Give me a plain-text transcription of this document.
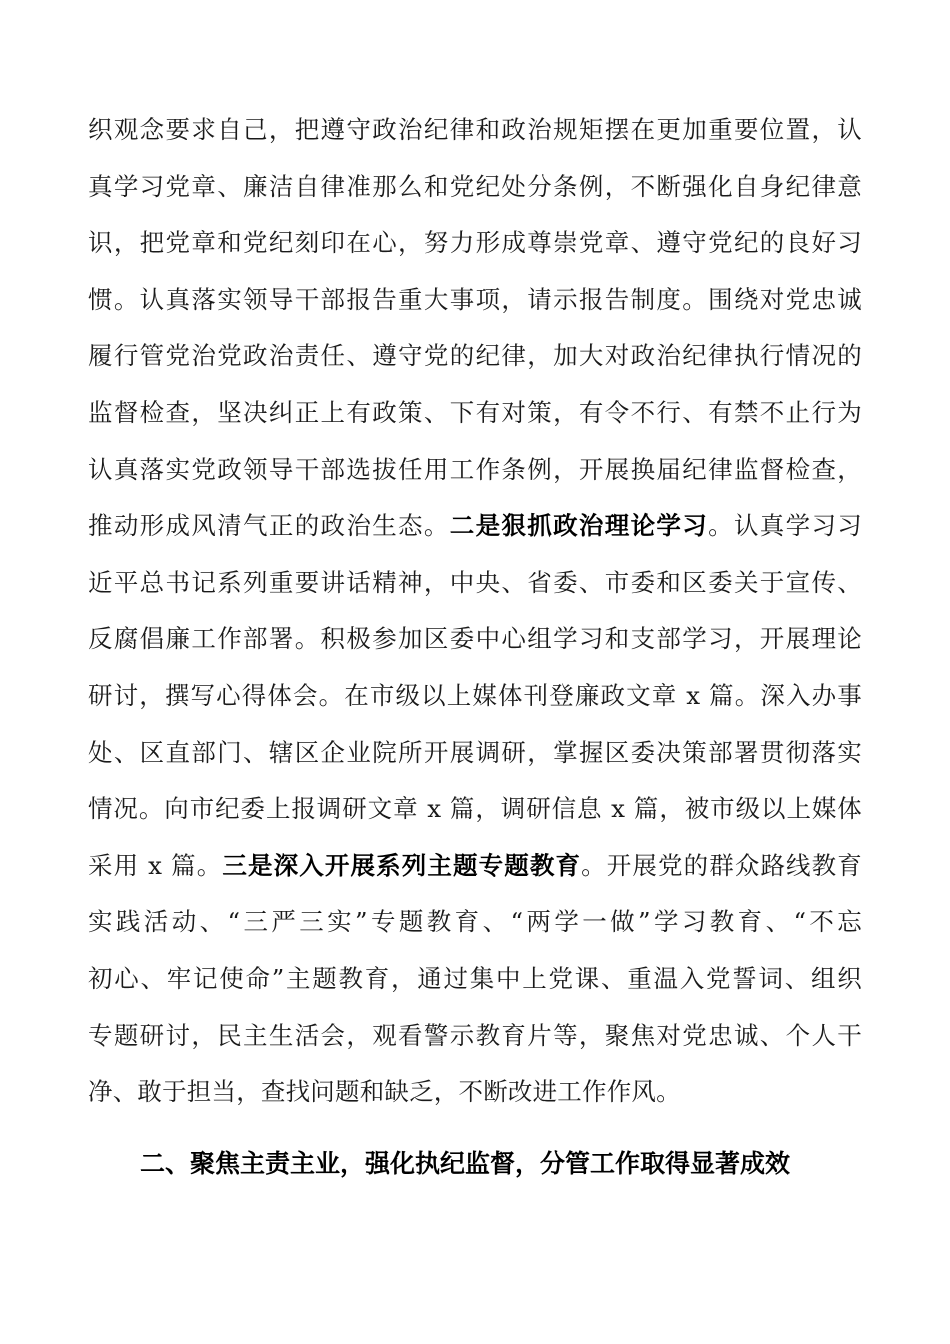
织观念要求自己，把遵守政治纪律和政治规矩摆在更加重要位置，认
真学习党章、廉洁自律准那么和党纪处分条例，不断强化自身纪律意
识，把党章和党纪刻印在心，努力形成尊崇党章、遵守党纪的良好习
惯。认真落实领导干部报告重大事项，请示报告制度。围绕对党忠诚
履行管党治党政治责任、遵守党的纪律，加大对政治纪律执行情况的
监督检查，坚决纠正上有政策、下有对策，有令不行、有禁不止行为
认真落实党政领导干部选拔任用工作条例，开展换届纪律监督检查，
推动形成风清气正的政治生态。二是狠抓政治理论学习。认真学习习
近平总书记系列重要讲话精神，中央、省委、市委和区委关于宣传、
反腐倡廉工作部署。积极参加区委中心组学习和支部学习，开展理论
研讨，撰写心得体会。在市级以上媒体刊登廉政文章 x 篇。深入办事
处、区直部门、辖区企业院所开展调研，掌握区委决策部署贯彻落实
情况。向市纪委上报调研文章 x 篇，调研信息 x 篇，被市级以上媒体
采用 x 篇。三是深入开展系列主题专题教育。开展党的群众路线教育
实践活动、“三严三实”专题教育、“两学一做”学习教育、“不忘
初心、牢记使命”主题教育，通过集中上党课、重温入党誓词、组织
专题研讨，民主生活会，观看警示教育片等，聚焦对党忠诚、个人干
净、敢于担当，查找问题和缺乏，不断改进工作作风。
二、聚焦主责主业，强化执纪监督，分管工作取得显著成效
